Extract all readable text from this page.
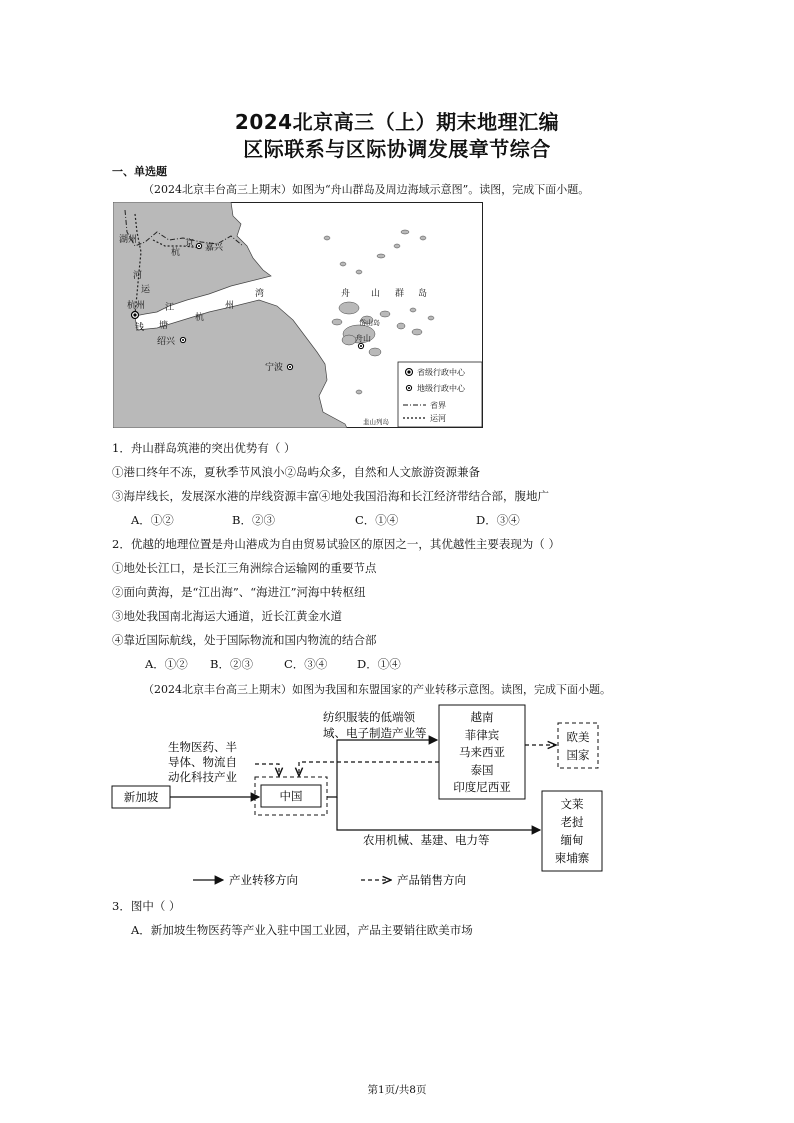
2024北京高三（上）期末地理汇编
区际联系与区际协调发展章节综合
一、单选题
（2024北京丰台高三上期末）如图为“舟山群岛及周边海域示意图”。读图，完成下面小题。
湖州
杭
京 嘉兴
河
运
杭州 江
塘
钱
杭
州
湾
绍兴
宁波
舟 山 群 岛
岱山岛
舟山
韭山列岛
省级行政中心
地级行政中心
省界
运河
1．舟山群岛筑港的突出优势有（ ）
①港口终年不冻，夏秋季节风浪小②岛屿众多，自然和人文旅游资源兼备
③海岸线长，发展深水港的岸线资源丰富④地处我国沿海和长江经济带结合部，腹地广
A．①②	B．②③	C．①④	D．③④
2．优越的地理位置是舟山港成为自由贸易试验区的原因之一，其优越性主要表现为（ ）
①地处长江口，是长江三角洲综合运输网的重要节点
②面向黄海，是“江出海”、“海进江”河海中转枢纽
③地处我国南北海运大通道，近长江黄金水道
④靠近国际航线，处于国际物流和国内物流的结合部
A．①② B．②③	C．③④	D．①④
（2024北京丰台高三上期末）如图为我国和东盟国家的产业转移示意图。读图，完成下面小题。
新加坡	中国
越南
菲律宾
马来西亚
泰国
印度尼西亚
欧美
国家
文莱
老挝
缅甸
柬埔寨
生物医药、半
导体、物流自
动化科技产业
纺织服装的低端领
域、电子制造产业等
农用机械、基建、电力等
产业转移方向	产品销售方向
3．图中（ ）
A．新加坡生物医药等产业入驻中国工业园，产品主要销往欧美市场
第1页/共8页
